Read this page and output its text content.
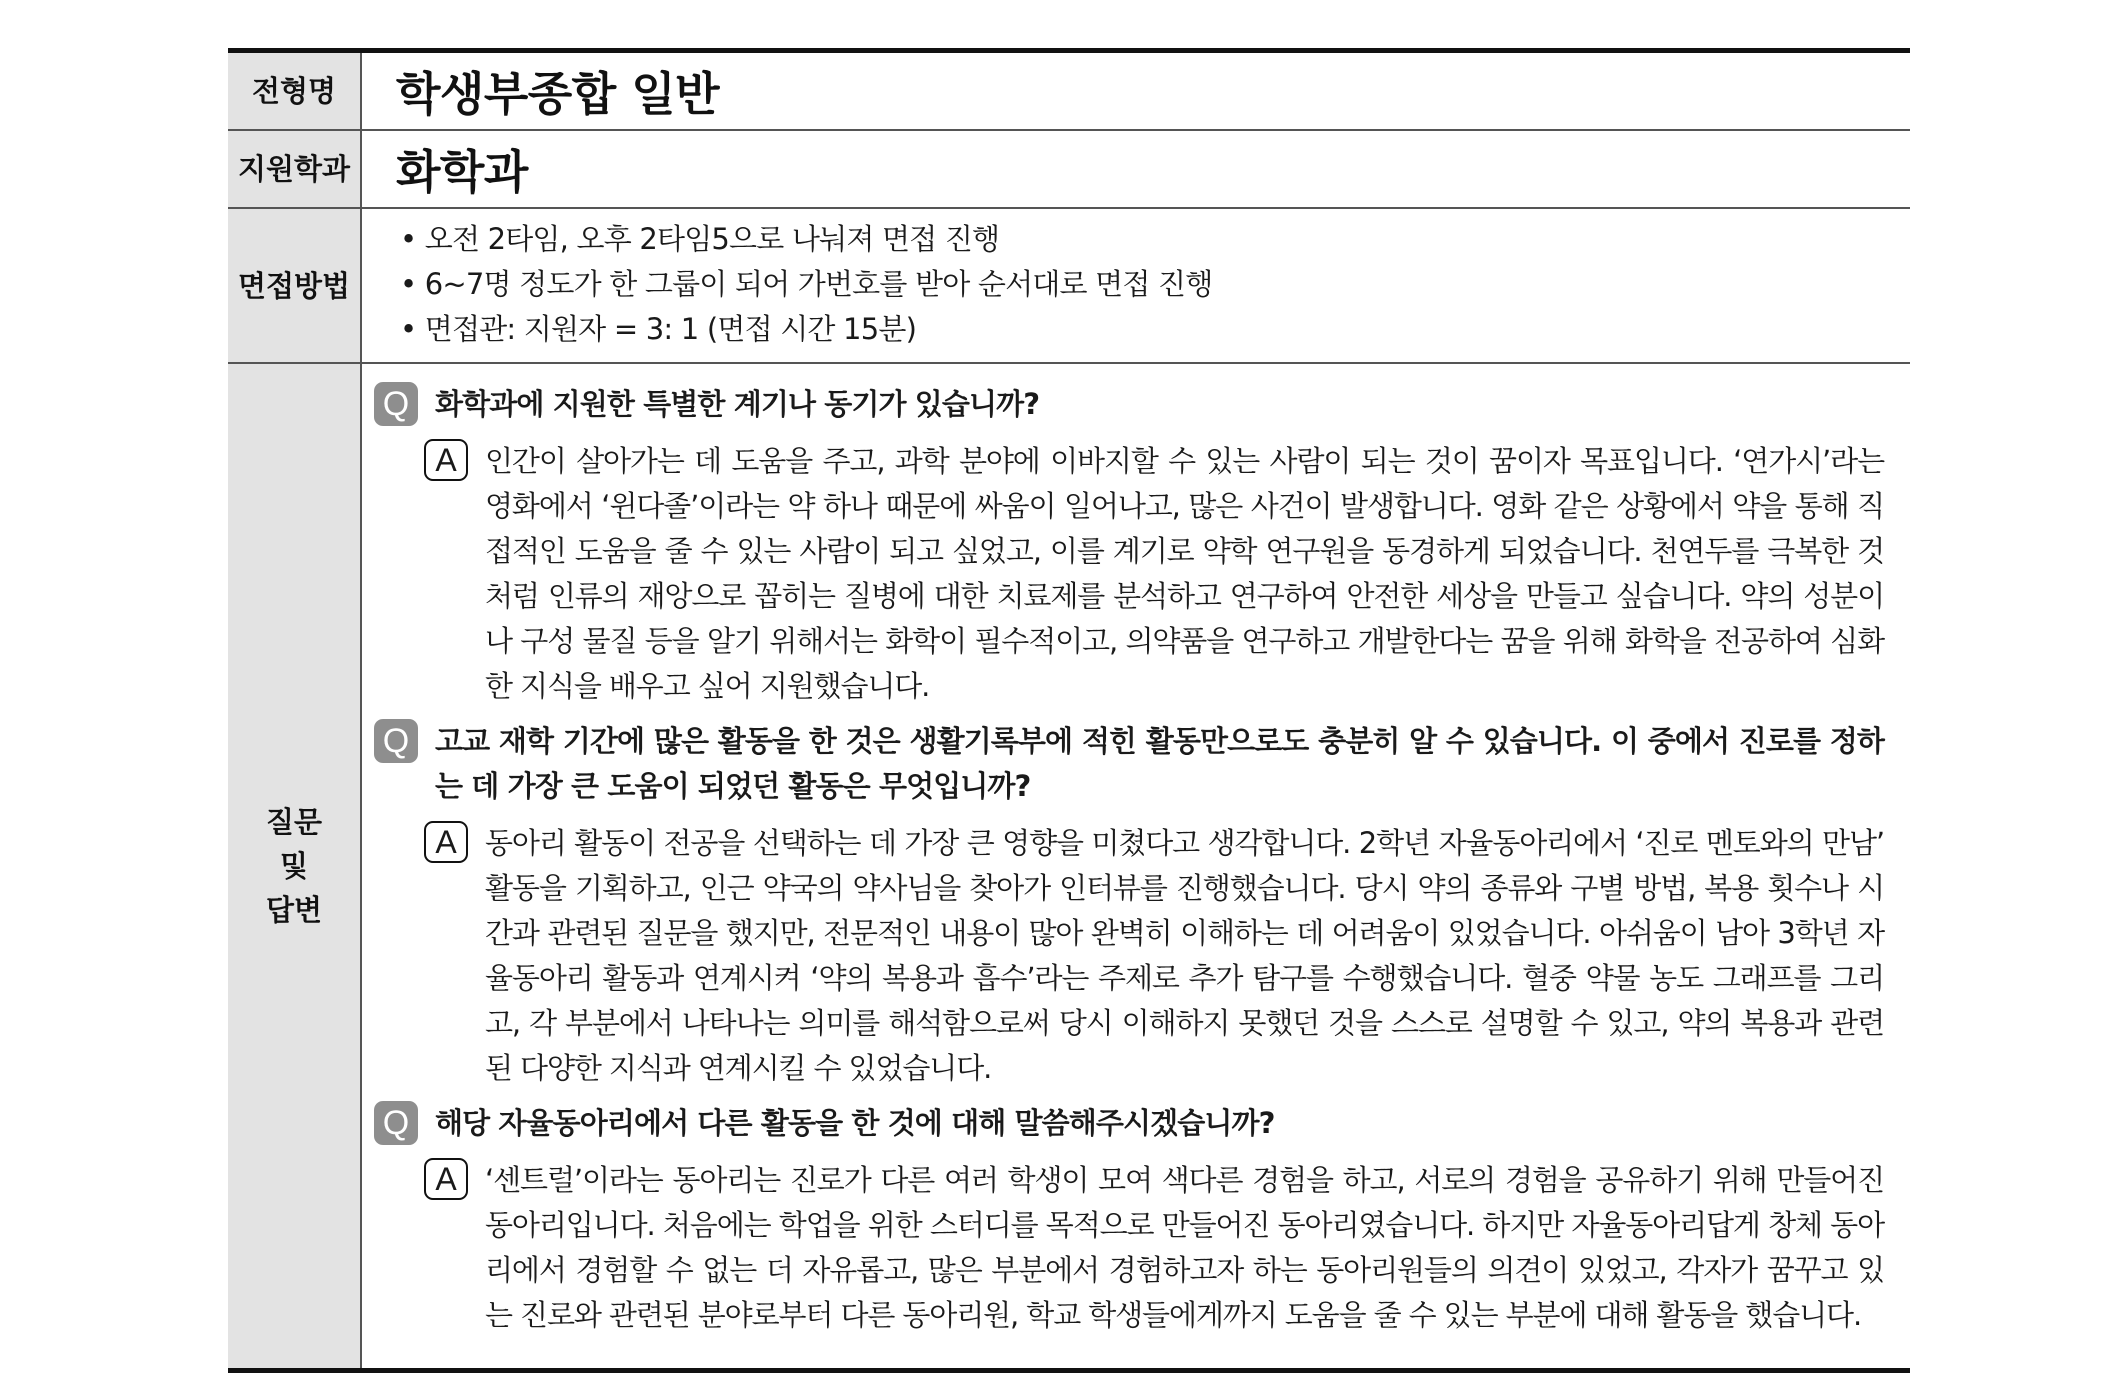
전형명	학생부종합 일반
지원학과 화학과
면접방법
• 오전 2타임, 오후 2타임5으로 나눠져 면접 진행
• 6~7명 정도가 한 그룹이 되어 가번호를 받아 순서대로 면접 진행
• 면접관: 지원자 = 3: 1 (면접 시간 15분)
질문
및
답변
Q 화학과에 지원한 특별한 계기나 동기가 있습니까?
A 인간이 살아가는 데 도움을 주고, 과학 분야에 이바지할 수 있는 사람이 되는 것이 꿈이자 목표입니다. ‘연가시’라는 영화에서 ‘윈다졸’이라는 약 하나 때문에 싸움이 일어나고, 많은 사건이 발생합니다. 영화 같은 상황에서 약을 통해 직접적인 도움을 줄 수 있는 사람이 되고 싶었고, 이를 계기로 약학 연구원을 동경하게 되었습니다. 천연두를 극복한 것 처럼 인류의 재앙으로 꼽히는 질병에 대한 치료제를 분석하고 연구하여 안전한 세상을 만들고 싶습니다. 약의 성분이나 구성 물질 등을 알기 위해서는 화학이 필수적이고, 의약품을 연구하고 개발한다는 꿈을 위해 화학을 전공하여 심화한 지식을 배우고 싶어 지원했습니다.
Q 고교 재학 기간에 많은 활동을 한 것은 생활기록부에 적힌 활동만으로도 충분히 알 수 있습니다. 이 중에서 진로를 정하는 데 가장 큰 도움이 되었던 활동은 무엇입니까?
A 동아리 활동이 전공을 선택하는 데 가장 큰 영향을 미쳤다고 생각합니다. 2학년 자율동아리에서 ‘진로 멘토와의 만남’ 활동을 기획하고, 인근 약국의 약사님을 찾아가 인터뷰를 진행했습니다. 당시 약의 종류와 구별 방법, 복용 횟수나 시간과 관련된 질문을 했지만, 전문적인 내용이 많아 완벽히 이해하는 데 어려움이 있었습니다. 아쉬움이 남아 3학년 자율동아리 활동과 연계시켜 ‘약의 복용과 흡수’라는 주제로 추가 탐구를 수행했습니다. 혈중 약물 농도 그래프를 그리고, 각 부분에서 나타나는 의미를 해석함으로써 당시 이해하지 못했던 것을 스스로 설명할 수 있고, 약의 복용과 관련된 다양한 지식과 연계시킬 수 있었습니다.
Q 해당 자율동아리에서 다른 활동을 한 것에 대해 말씀해주시겠습니까?
A ‘센트럴’이라는 동아리는 진로가 다른 여러 학생이 모여 색다른 경험을 하고, 서로의 경험을 공유하기 위해 만들어진 동아리입니다. 처음에는 학업을 위한 스터디를 목적으로 만들어진 동아리였습니다. 하지만 자율동아리답게 창체 동아리에서 경험할 수 없는 더 자유롭고, 많은 부분에서 경험하고자 하는 동아리원들의 의견이 있었고, 각자가 꿈꾸고 있는 진로와 관련된 분야로부터 다른 동아리원, 학교 학생들에게까지 도움을 줄 수 있는 부분에 대해 활동을 했습니다.
